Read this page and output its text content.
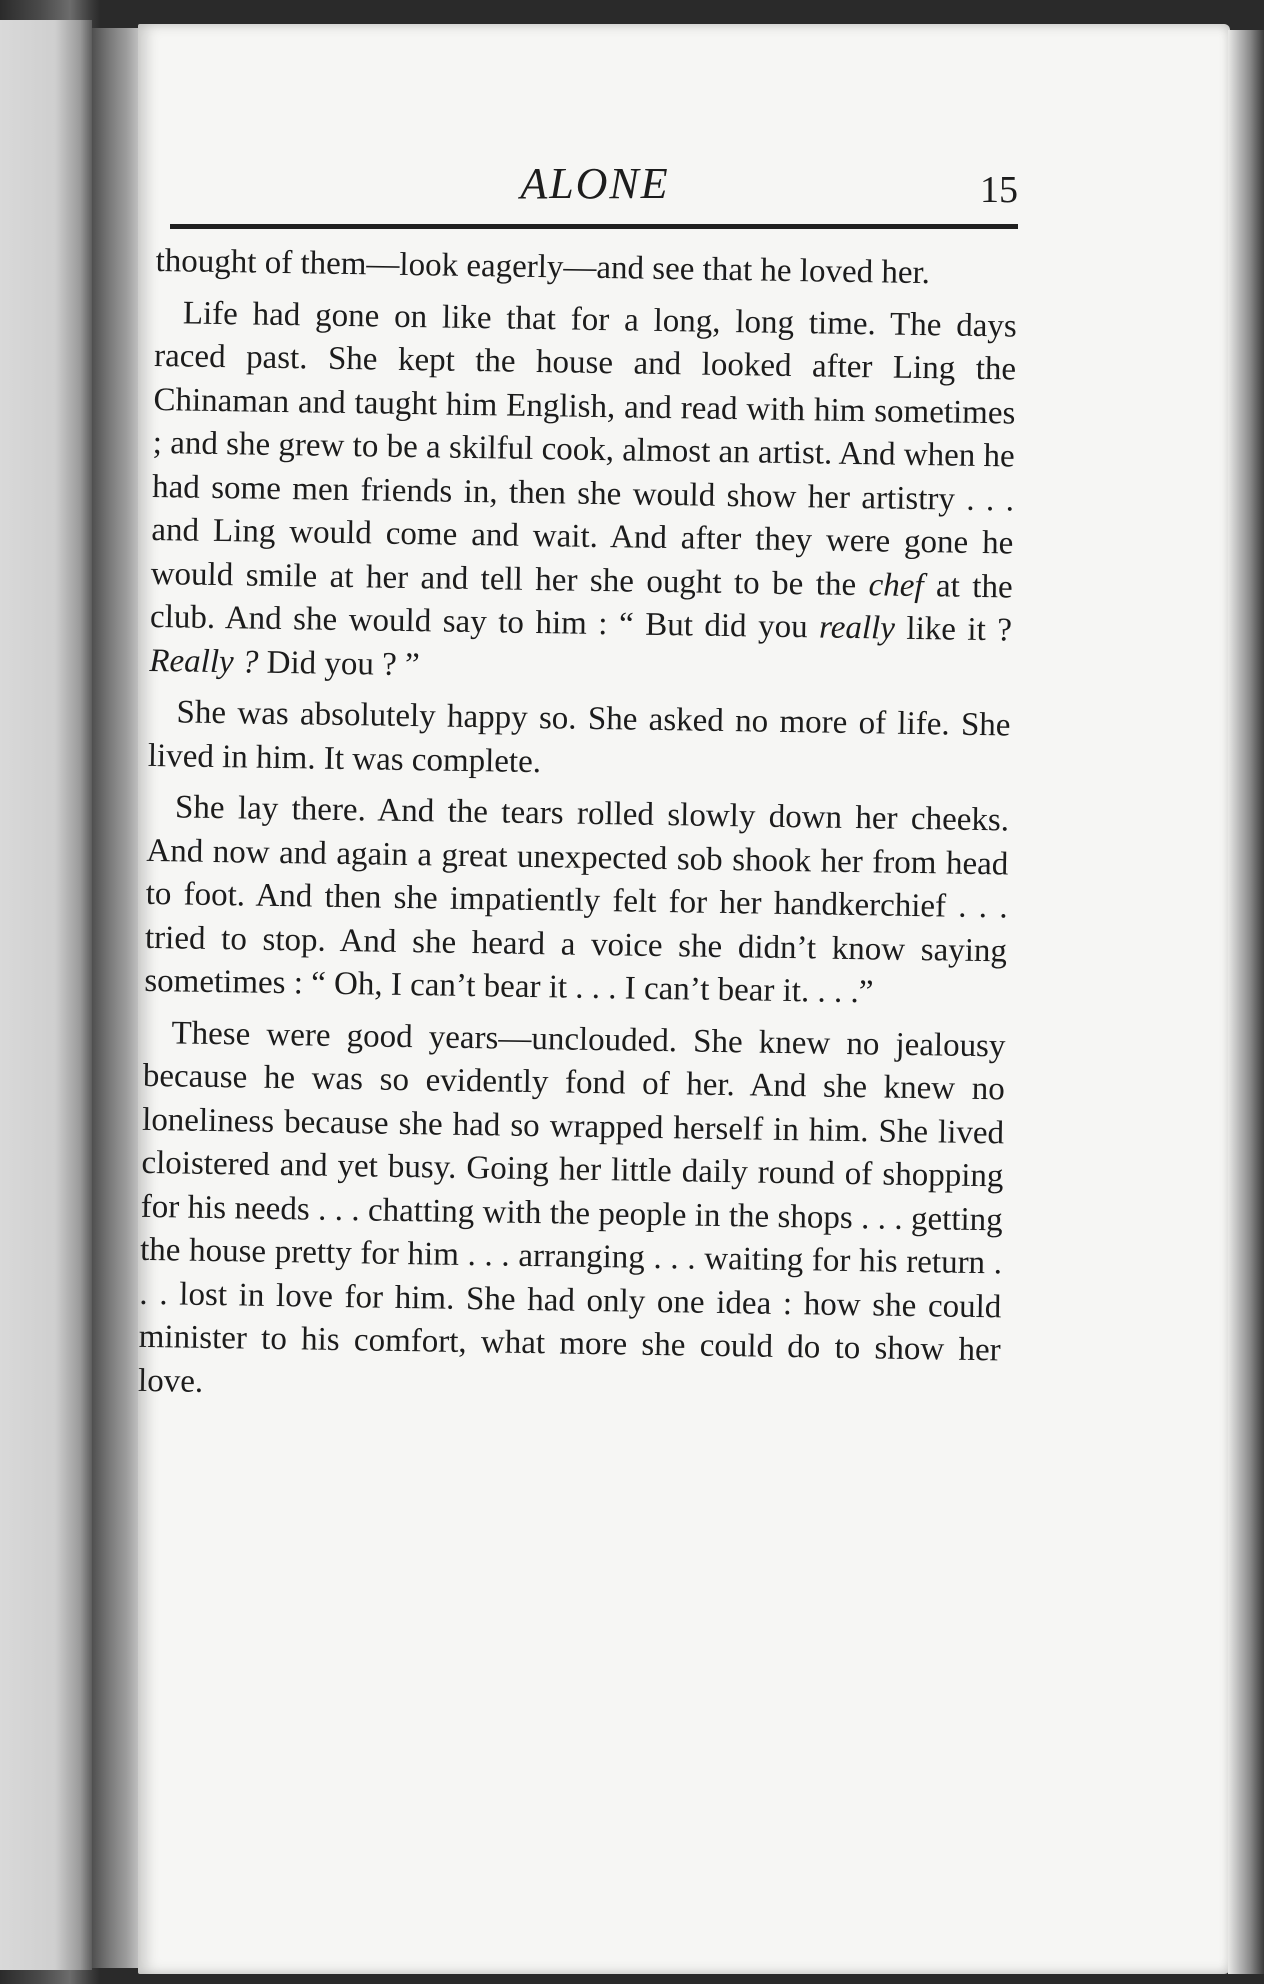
ALONE	15

thought of them—look eagerly—and see that he loved her.

Life had gone on like that for a long, long time. The days raced past. She kept the house and looked after Ling the Chinaman and taught him English, and read with him sometimes ; and she grew to be a skilful cook, almost an artist. And when he had some men friends in, then she would show her artistry . . . and Ling would come and wait. And after they were gone he would smile at her and tell her she ought to be the chef at the club. And she would say to him : “ But did you really like it ? Really ? Did you ? ”

She was absolutely happy so. She asked no more of life. She lived in him. It was complete.

She lay there. And the tears rolled slowly down her cheeks. And now and again a great unexpected sob shook her from head to foot. And then she impatiently felt for her handkerchief . . . tried to stop. And she heard a voice she didn’t know saying sometimes : “ Oh, I can’t bear it . . . I can’t bear it. . . .”

These were good years—unclouded. She knew no jealousy because he was so evidently fond of her. And she knew no loneliness because she had so wrapped herself in him. She lived cloistered and yet busy. Going her little daily round of shopping for his needs . . . chatting with the people in the shops . . . getting the house pretty for him . . . arranging . . . waiting for his return . . . lost in love for him. She had only one idea : how she could minister to his comfort, what more she could do to show her love.
